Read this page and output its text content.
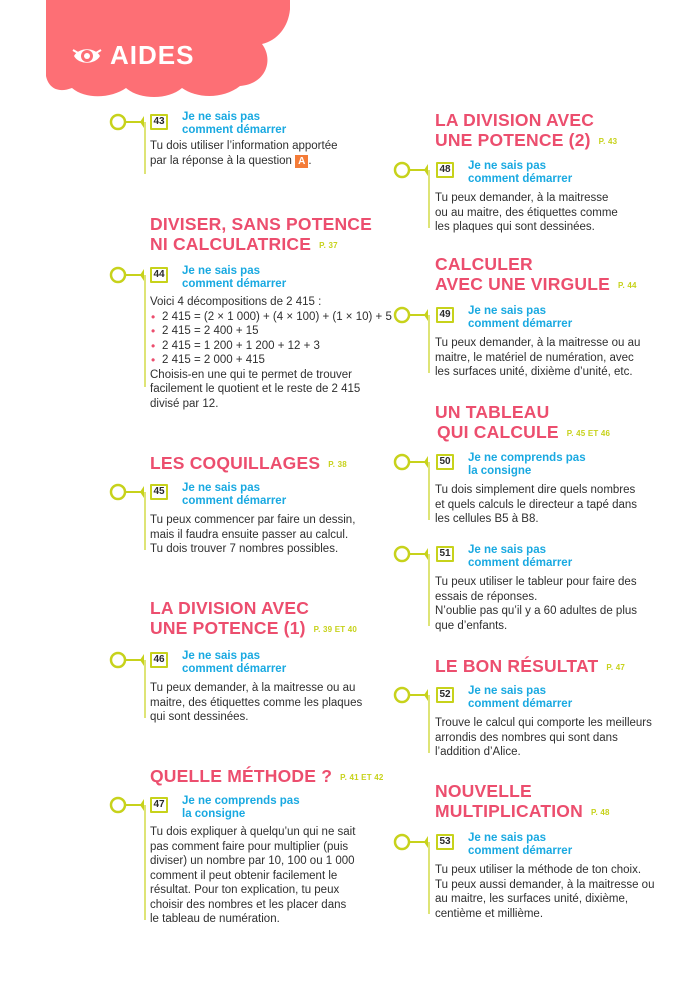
AIDES
43 Je ne sais pas
comment démarrer
Tu dois utiliser l’information apportée
par la réponse à la question A .
DIVISER, SANS POTENCE
NI CALCULATRICE P. 37
44 Je ne sais pas
comment démarrer
Voici 4 décompositions de 2 415 :
• 2 415 = (2 × 1 000) + (4 × 100) + (1 × 10) + 5
• 2 415 = 2 400 + 15
• 2 415 = 1 200 + 1 200 + 12 + 3
• 2 415 = 2 000 + 415
Choisis-en une qui te permet de trouver
facilement le quotient et le reste de 2 415
divisé par 12.
LES COQUILLAGES P. 38
45 Je ne sais pas
comment démarrer
Tu peux commencer par faire un dessin,
mais il faudra ensuite passer au calcul.
Tu dois trouver 7 nombres possibles.
LA DIVISION AVEC
UNE POTENCE (1) P. 39 ET 40
46 Je ne sais pas
comment démarrer
Tu peux demander, à la maitresse ou au
maitre, des étiquettes comme les plaques
qui sont dessinées.
QUELLE MÉTHODE ? P. 41 ET 42
47 Je ne comprends pas
la consigne
Tu dois expliquer à quelqu’un qui ne sait
pas comment faire pour multiplier (puis
diviser) un nombre par 10, 100 ou 1 000
comment il peut obtenir facilement le
résultat. Pour ton explication, tu peux
choisir des nombres et les placer dans
le tableau de numération.
LA DIVISION AVEC
UNE POTENCE (2) P. 43
48 Je ne sais pas
comment démarrer
Tu peux demander, à la maitresse
ou au maitre, des étiquettes comme
les plaques qui sont dessinées.
CALCULER
AVEC UNE VIRGULE P. 44
49 Je ne sais pas
comment démarrer
Tu peux demander, à la maitresse ou au
maitre, le matériel de numération, avec
les surfaces unité, dixième d’unité, etc.
UN TABLEAU
QUI CALCULE P. 45 ET 46
50 Je ne comprends pas
la consigne
Tu dois simplement dire quels nombres
et quels calculs le directeur a tapé dans
les cellules B5 à B8.
51 Je ne sais pas
comment démarrer
Tu peux utiliser le tableur pour faire des
essais de réponses.
N’oublie pas qu’il y a 60 adultes de plus
que d’enfants.
LE BON RÉSULTAT P. 47
52 Je ne sais pas
comment démarrer
Trouve le calcul qui comporte les meilleurs
arrondis des nombres qui sont dans
l’addition d’Alice.
NOUVELLE
MULTIPLICATION P. 48
53 Je ne sais pas
comment démarrer
Tu peux utiliser la méthode de ton choix.
Tu peux aussi demander, à la maitresse ou
au maitre, les surfaces unité, dixième,
centième et millième.
